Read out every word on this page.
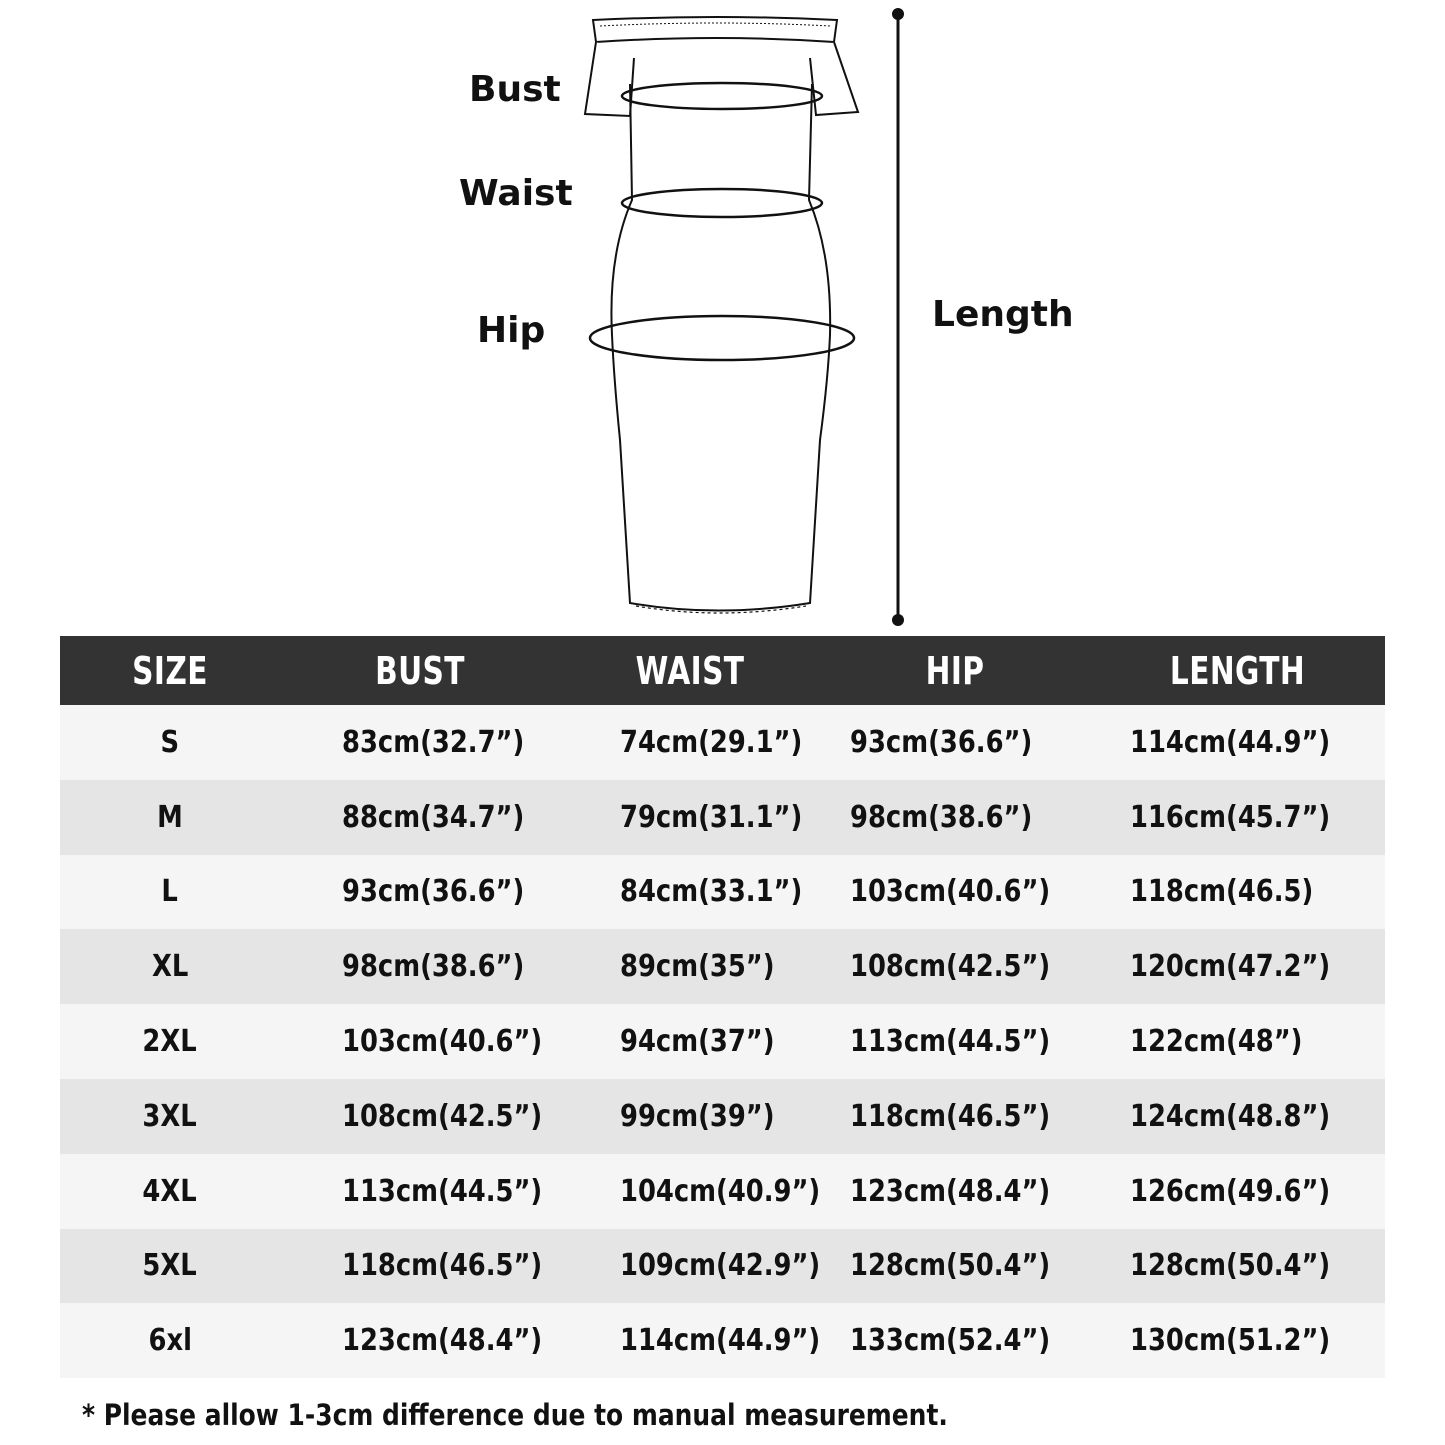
Bust
Waist
Hip	Length
SIZE	BUST	WAIST	HIP	LENGTH
S	83cm(32.7”)	74cm(29.1”)	93cm(36.6”)	114cm(44.9”)
M	88cm(34.7”)	79cm(31.1”)	98cm(38.6”)	116cm(45.7”)
L	93cm(36.6”)	84cm(33.1”)	103cm(40.6”)	118cm(46.5)
XL	98cm(38.6”)	89cm(35”)	108cm(42.5”)	120cm(47.2”)
2XL	103cm(40.6”)	94cm(37”)	113cm(44.5”)	122cm(48”)
3XL	108cm(42.5”)	99cm(39”)	118cm(46.5”)	124cm(48.8”)
4XL	113cm(44.5”)	104cm(40.9”)	123cm(48.4”)	126cm(49.6”)
5XL	118cm(46.5”)	109cm(42.9”)	128cm(50.4”)	128cm(50.4”)
6xl	123cm(48.4”)	114cm(44.9”)	133cm(52.4”)	130cm(51.2”)
* Please allow 1-3cm difference due to manual measurement.
